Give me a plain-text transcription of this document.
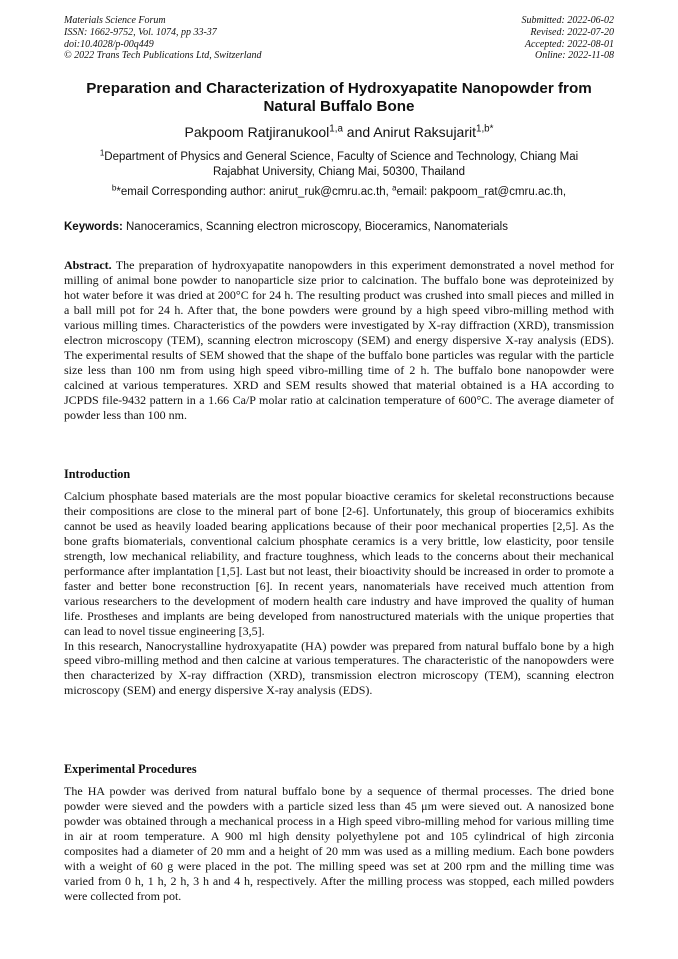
Materials Science Forum
ISSN: 1662-9752, Vol. 1074, pp 33-37
doi:10.4028/p-00q449
© 2022 Trans Tech Publications Ltd, Switzerland
Submitted: 2022-06-02
Revised: 2022-07-20
Accepted: 2022-08-01
Online: 2022-11-08
Preparation and Characterization of Hydroxyapatite Nanopowder from
Natural Buffalo Bone
Pakpoom Ratjiranukool$^{1,a}$ and Anirut Raksujarit$^{1,b*}$
$^1$Department of Physics and General Science, Faculty of Science and Technology, Chiang Mai
Rajabhat University, Chiang Mai, 50300, Thailand
$^b$*email Corresponding author: anirut_ruk@cmru.ac.th, $^a$email: pakpoom_rat@cmru.ac.th,
Keywords: Nanoceramics, Scanning electron microscopy, Bioceramics, Nanomaterials

Abstract. The preparation of hydroxyapatite nanopowders in this experiment demonstrated a novel method for milling of animal bone powder to nanoparticle size prior to calcination. The buffalo bone was deproteinized by hot water before it was dried at 200°C for 24 h. The resulting product was crushed into small pieces and milled in a ball mill pot for 24 h. After that, the bone powders were ground by a high speed vibro-milling method with various milling times. Characteristics of the powders were investigated by X-ray diffraction (XRD), transmission electron microscopy (TEM), scanning electron microscopy (SEM) and energy dispersive X-ray analysis (EDS). The experimental results of SEM showed that the shape of the buffalo bone particles was regular with the particle size less than 100 nm from using high speed vibro-milling time of 2 h. The buffalo bone nanopowder were calcined at various temperatures. XRD and SEM results showed that material obtained is a HA according to JCPDS file-9432 pattern in a 1.66 Ca/P molar ratio at calcination temperature of 600°C. The average diameter of powder less than 100 nm.

Introduction

Calcium phosphate based materials are the most popular bioactive ceramics for skeletal reconstructions because their compositions are close to the mineral part of bone [2-6]. Unfortunately, this group of bioceramics exhibits cannot be used as heavily loaded bearing applications because of their poor mechanical properties [2,5]. As the bone grafts biomaterials, conventional calcium phosphate ceramics is a very brittle, low elasticity, poor tensile strength, low mechanical reliability, and fracture toughness, which leads to the concerns about their mechanical performance after implantation [1,5]. Last but not least, their bioactivity should be increased in order to promote a faster and better bone reconstruction [6]. In recent years, nanomaterials have received much attention from various researchers to the development of modern health care industry and have improved the quality of human life. Prostheses and implants are being developed from nanostructured materials with the unique properties that can lead to novel tissue engineering [3,5].

In this research, Nanocrystalline hydroxyapatite (HA) powder was prepared from natural buffalo bone by a high speed vibro-milling method and then calcine at various temperatures. The characteristic of the nanopowders were then characterized by X-ray diffraction (XRD), transmission electron microscopy (TEM), scanning electron microscopy (SEM) and energy dispersive X-ray analysis (EDS).

Experimental Procedures

The HA powder was derived from natural buffalo bone by a sequence of thermal processes. The dried bone powder were sieved and the powders with a particle sized less than 45 μm were sieved out. A nanosized bone powder was obtained through a mechanical process in a High speed vibro-milling mehod for various milling time in air at room temperature. A 900 ml high density polyethylene pot and 105 cylindrical of high zirconia composites had a diameter of 20 mm and a height of 20 mm was used as a milling medium. Each bone powders with a weight of 60 g were placed in the pot. The milling speed was set at 200 rpm and the milling time was varied from 0 h, 1 h, 2 h, 3 h and 4 h, respectively. After the milling process was stopped, each milled powders were collected from pot.
